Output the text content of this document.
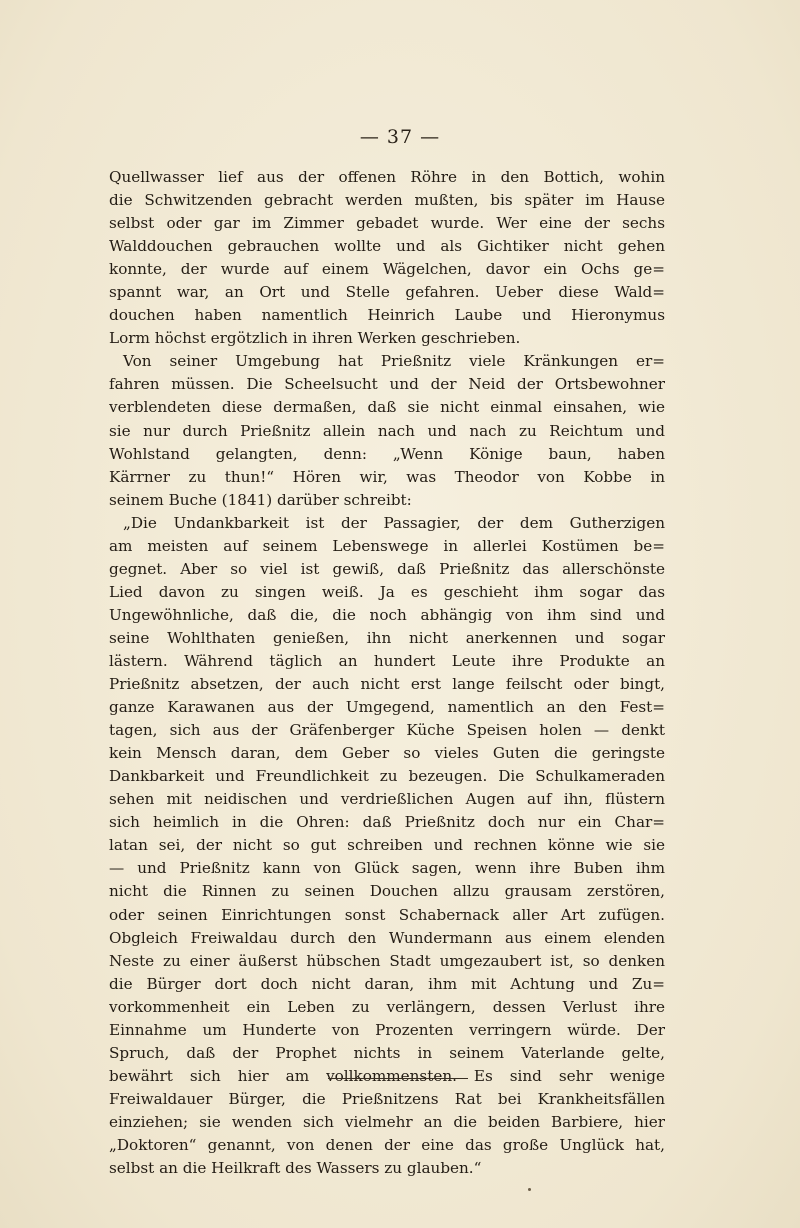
— 37 —
Quellwasser lief aus der offenen Röhre in den Bottich, wohin
die Schwitzenden gebracht werden mußten, bis später im Hause
selbst oder gar im Zimmer gebadet wurde. Wer eine der sechs
Walddouchen gebrauchen wollte und als Gichtiker nicht gehen
konnte, der wurde auf einem Wägelchen, davor ein Ochs ge=
spannt war, an Ort und Stelle gefahren. Ueber diese Wald=
douchen haben namentlich Heinrich Laube und Hieronymus
Lorm höchst ergötzlich in ihren Werken geschrieben.
Von seiner Umgebung hat Prießnitz viele Kränkungen er=
fahren müssen. Die Scheelsucht und der Neid der Ortsbewohner
verblendeten diese dermaßen, daß sie nicht einmal einsahen, wie
sie nur durch Prießnitz allein nach und nach zu Reichtum und
Wohlstand gelangten, denn: „Wenn Könige baun, haben
Kärrner zu thun!“ Hören wir, was Theodor von Kobbe in
seinem Buche (1841) darüber schreibt:
„Die Undankbarkeit ist der Passagier, der dem Gutherzigen
am meisten auf seinem Lebenswege in allerlei Kostümen be=
gegnet. Aber so viel ist gewiß, daß Prießnitz das allerschönste
Lied davon zu singen weiß. Ja es geschieht ihm sogar das
Ungewöhnliche, daß die, die noch abhängig von ihm sind und
seine Wohlthaten genießen, ihn nicht anerkennen und sogar
lästern. Während täglich an hundert Leute ihre Produkte an
Prießnitz absetzen, der auch nicht erst lange feilscht oder bingt,
ganze Karawanen aus der Umgegend, namentlich an den Fest=
tagen, sich aus der Gräfenberger Küche Speisen holen — denkt
kein Mensch daran, dem Geber so vieles Guten die geringste
Dankbarkeit und Freundlichkeit zu bezeugen. Die Schulkameraden
sehen mit neidischen und verdrießlichen Augen auf ihn, flüstern
sich heimlich in die Ohren: daß Prießnitz doch nur ein Char=
latan sei, der nicht so gut schreiben und rechnen könne wie sie
— und Prießnitz kann von Glück sagen, wenn ihre Buben ihm
nicht die Rinnen zu seinen Douchen allzu grausam zerstören,
oder seinen Einrichtungen sonst Schabernack aller Art zufügen.
Obgleich Freiwaldau durch den Wundermann aus einem elenden
Neste zu einer äußerst hübschen Stadt umgezaubert ist, so denken
die Bürger dort doch nicht daran, ihm mit Achtung und Zu=
vorkommenheit ein Leben zu verlängern, dessen Verlust ihre
Einnahme um Hunderte von Prozenten verringern würde. Der
Spruch, daß der Prophet nichts in seinem Vaterlande gelte,
bewährt sich hier am vollkommensten. Es sind sehr wenige
Freiwaldauer Bürger, die Prießnitzens Rat bei Krankheitsfällen
einziehen; sie wenden sich vielmehr an die beiden Barbiere, hier
„Doktoren“ genannt, von denen der eine das große Unglück hat,
selbst an die Heilkraft des Wassers zu glauben.“
